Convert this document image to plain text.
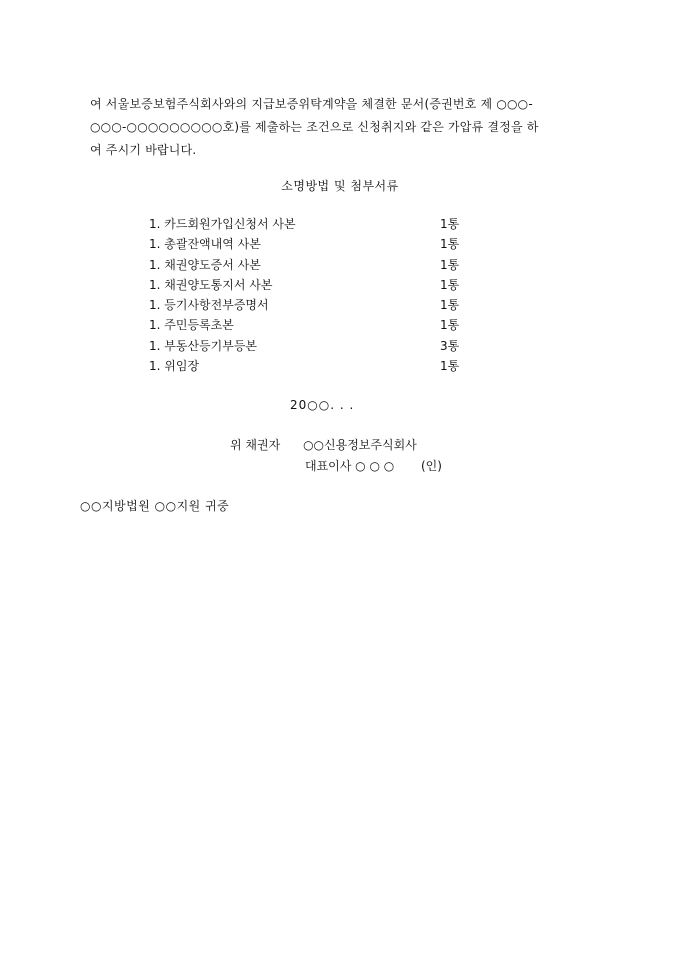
여 서울보증보험주식회사와의 지급보증위탁계약을 체결한 문서(증권번호 제 ○○○-
○○○-○○○○○○○○○호)를 제출하는 조건으로 신청취지와 같은 가압류 결정을 하
여 주시기 바랍니다.
소명방법 및 첨부서류
1. 카드회원가입신청서 사본	1통
1. 총괄잔액내역 사본	1통
1. 채권양도증서 사본	1통
1. 채권양도통지서 사본	1통
1. 등기사항전부증명서	1통
1. 주민등록초본	1통
1. 부동산등기부등본	3통
1. 위임장	1통
20○○. . .
위 채권자 ○○신용정보주식회사
대표이사 ○ ○ ○ (인)
○○지방법원 ○○지원 귀중
